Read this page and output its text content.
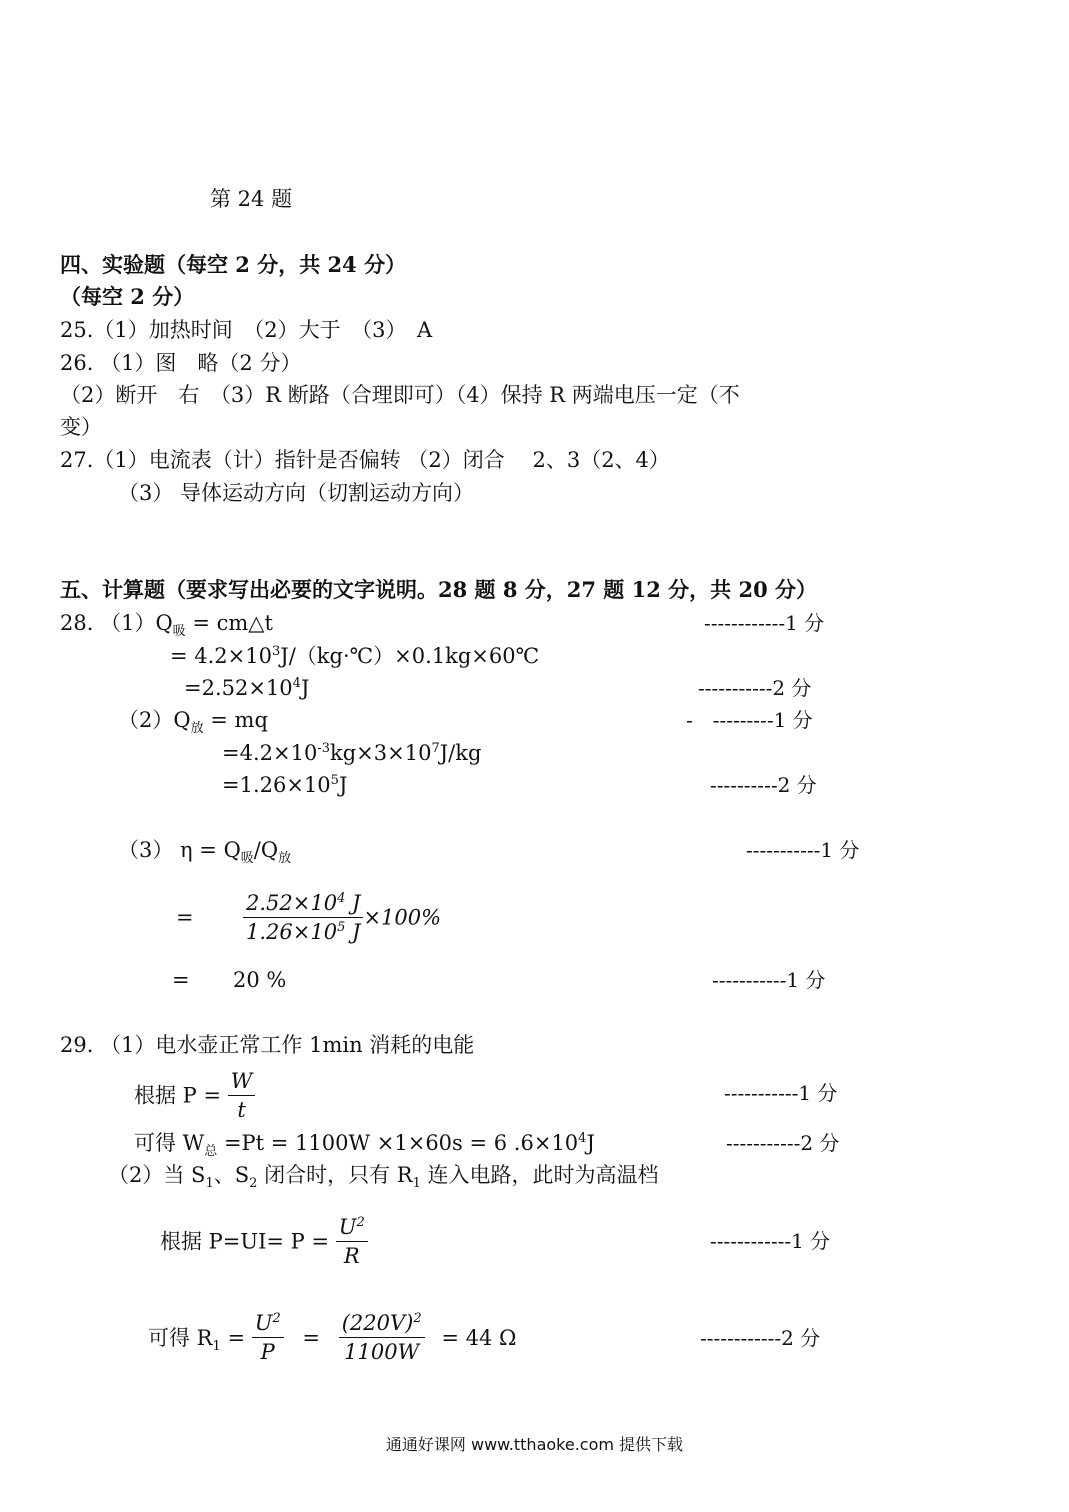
第 24 题
四、实验题（每空 2 分，共 24 分）
（每空 2 分）
25.（1）加热时间　（2）大于　（3）　A
26. （1）图　略（2 分）
（2）断开　右　（3）R 断路（合理即可）（4）保持 R 两端电压一定（不
变）
27.（1）电流表（计）指针是否偏转 （2）闭合　 2、3（2、4）
（3） 导体运动方向（切割运动方向）
五、计算题（要求写出必要的文字说明。28 题 8 分，27 题 12 分，共 20 分）
28. $(1)Q_吸$ = cm△t	------------1 分
= $4.2\times 10^3J/(kg\cdot℃)\times 0.1kg\times 60℃$
$=2.52\times 10^4J$	-----------2 分
$(2)Q_放$ = mq	-　---------1 分
$=4.2\times 10^{-3}kg\times 3\times 10^7J/kg$
$=1.26\times 10^5J$	----------2 分
（3） $\eta = Q_吸/Q_放$	-----------1 分
= $\frac{2.52\times 10^4 J}{1.26\times 10^5 J} \times 100\%$
= 20 %	-----------1 分
29. （1）电水壶正常工作 1min 消耗的电能
根据 $P = \frac{W}{t}$	-----------1 分
可得 $W_总 =Pt = 1100W \times 1\times 60s = 6$ $.6\times 10^4J$	-----------2 分
（2）当 $S_1$、$S_2$ 闭合时，只有 $R_1$ 连入电路，此时为高温档
根据 $P=UI= P = \frac{U^2}{R}$	------------1 分
可得 $R_1 = \frac{U^2}{P} = \frac{(220V)^2}{1100W} = 44$ Ω	------------2 分
通通好课网 www.tthaoke.com 提供下载
